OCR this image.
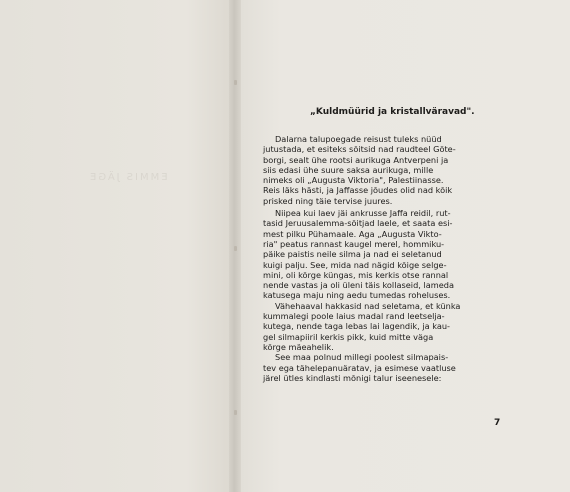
EMMIS JÄGE
„Kuldmüürid ja kristallväravad".
Dalarna talupoegade reisust tuleks nüüd
jutustada, et esiteks sõitsid nad raudteel Göte-
borgi, sealt ühe rootsi aurikuga Antverpeni ja
siis edasi ühe suure saksa aurikuga, mille
nimeks oli „Augusta Viktoria", Palestiinasse.
Reis läks hästi, ja Jaffasse jõudes olid nad kõik
prisked ning täie tervise juures.
Niipea kui laev jäi ankrusse Jaffa reidil, rut-
tasid Jeruusalemma-sõitjad laele, et saata esi-
mest pilku Pühamaale. Aga „Augusta Vikto-
ria" peatus rannast kaugel merel, hommiku-
päike paistis neile silma ja nad ei seletanud
kuigi palju. See, mida nad nägid kõige selge-
mini, oli kõrge küngas, mis kerkis otse rannal
nende vastas ja oli üleni täis kollaseid, lameda
katusega maju ning aedu tumedas roheluses.
Vähehaaval hakkasid nad seletama, et künka
kummalegi poole laius madal rand leetselja-
kutega, nende taga lebas lai lagendik, ja kau-
gel silmapiiril kerkis pikk, kuid mitte väga
kõrge mäeahelik.
See maa polnud millegi poolest silmapais-
tev ega tähelepanuäratav, ja esimese vaatluse
järel ütles kindlasti mõnigi talur iseenesele:
7
